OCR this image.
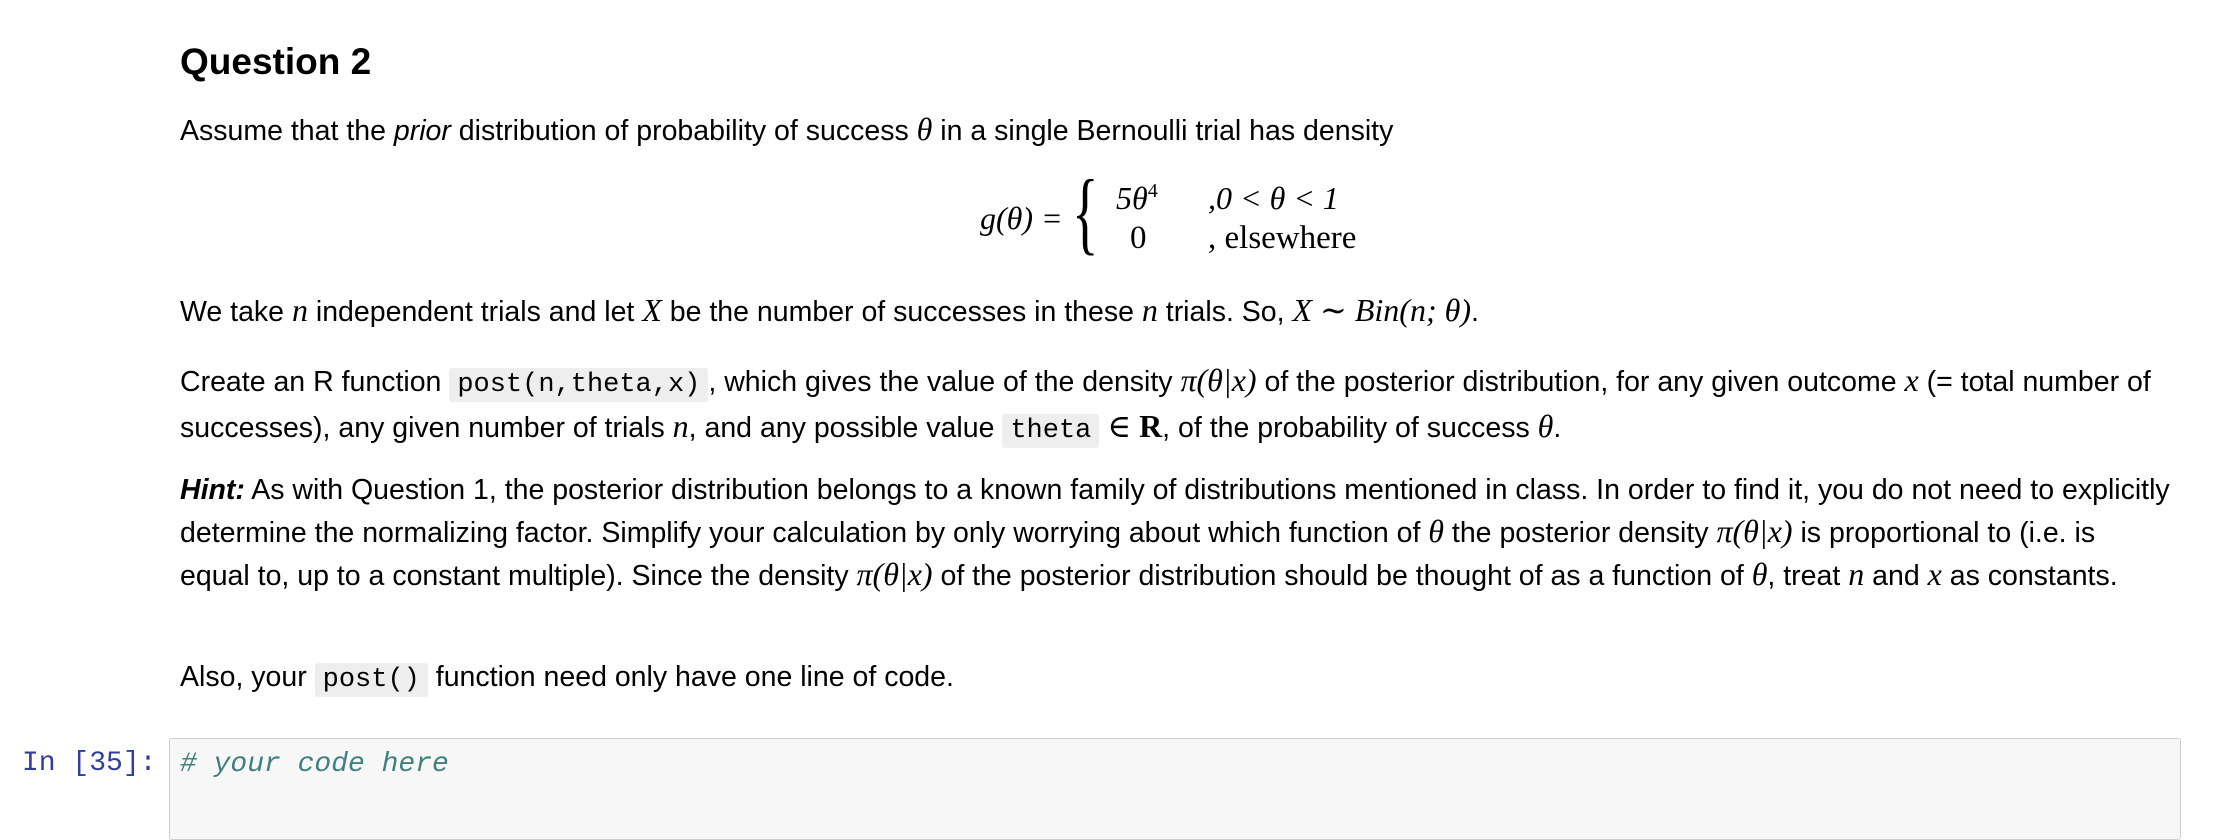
Question 2

Assume that the prior distribution of probability of success θ in a single Bernoulli trial has density

g(θ) = { $5\theta^4$ ,0 < θ < 1
0 , elsewhere

We take n independent trials and let X be the number of successes in these n trials. So, X ∼ Bin(n; θ).

Create an R function post(n,theta,x) , which gives the value of the density π(θ|x) of the posterior distribution, for any given outcome x (= total number of successes), any given number of trials n, and any possible value theta ∈ R, of the probability of success θ.

Hint: As with Question 1, the posterior distribution belongs to a known family of distributions mentioned in class. In order to find it, you do not need to explicitly determine the normalizing factor. Simplify your calculation by only worrying about which function of θ the posterior density π(θ|x) is proportional to (i.e. is equal to, up to a constant multiple). Since the density π(θ|x) of the posterior distribution should be thought of as a function of θ, treat n and x as constants.

Also, your post() function need only have one line of code.

In [35]: # your code here
